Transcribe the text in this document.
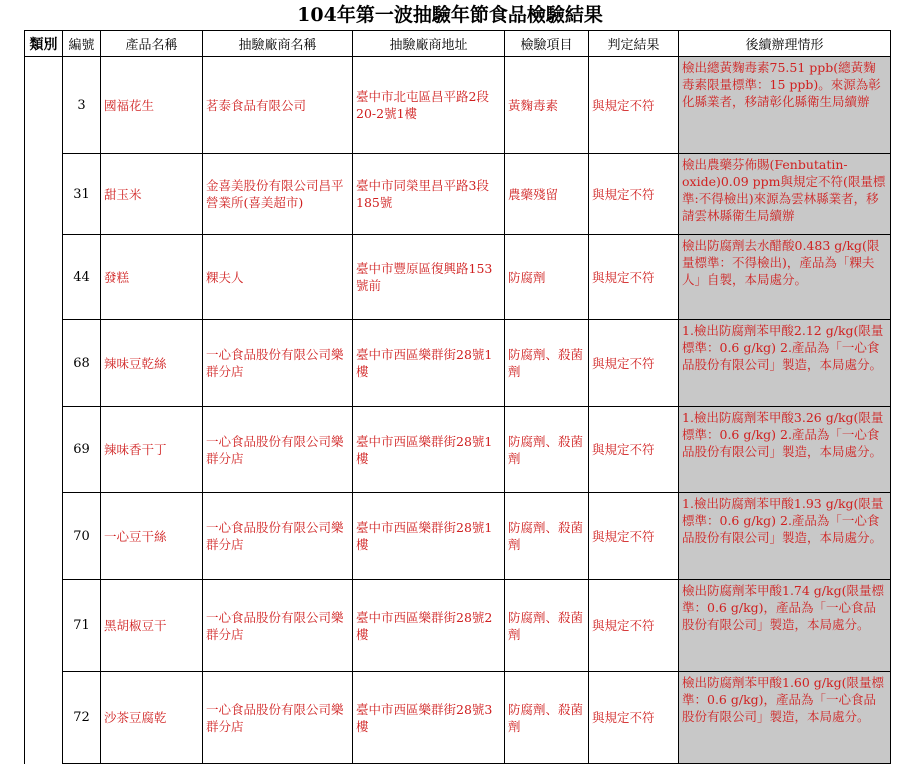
104年第一波抽驗年節食品檢驗結果
類別	編號	產品名稱	抽驗廠商名稱	抽驗廠商地址	檢驗項目	判定結果	後續辦理情形
	3	國福花生	茗泰食品有限公司	臺中市北屯區昌平路2段20-2號1樓	黃麴毒素	與規定不符	檢出總黃麴毒素75.51 ppb(總黃麴毒素限量標準：15 ppb)。來源為彰化縣業者，移請彰化縣衛生局續辦
	31	甜玉米	金喜美股份有限公司昌平營業所(喜美超市)	臺中市同榮里昌平路3段185號	農藥殘留	與規定不符	檢出農藥芬佈賜(Fenbutatin-oxide)0.09 ppm與規定不符(限量標準:不得檢出)來源為雲林縣業者，移請雲林縣衛生局續辦
	44	發糕	粿夫人	臺中市豐原區復興路153號前	防腐劑	與規定不符	檢出防腐劑去水醋酸0.483 g/kg(限量標準：不得檢出)，產品為「粿夫人」自製，本局處分。
	68	辣味豆乾絲	一心食品股份有限公司樂群分店	臺中市西區樂群街28號1樓	防腐劑、殺菌劑	與規定不符	1.檢出防腐劑苯甲酸2.12 g/kg(限量標準：0.6 g/kg) 2.產品為「一心食品股份有限公司」製造，本局處分。
	69	辣味香干丁	一心食品股份有限公司樂群分店	臺中市西區樂群街28號1樓	防腐劑、殺菌劑	與規定不符	1.檢出防腐劑苯甲酸3.26 g/kg(限量標準：0.6 g/kg) 2.產品為「一心食品股份有限公司」製造，本局處分。
	70	一心豆干絲	一心食品股份有限公司樂群分店	臺中市西區樂群街28號1樓	防腐劑、殺菌劑	與規定不符	1.檢出防腐劑苯甲酸1.93 g/kg(限量標準：0.6 g/kg) 2.產品為「一心食品股份有限公司」製造，本局處分。
	71	黑胡椒豆干	一心食品股份有限公司樂群分店	臺中市西區樂群街28號2樓	防腐劑、殺菌劑	與規定不符	檢出防腐劑苯甲酸1.74 g/kg(限量標準：0.6 g/kg)，產品為「一心食品股份有限公司」製造，本局處分。
	72	沙茶豆腐乾	一心食品股份有限公司樂群分店	臺中市西區樂群街28號3樓	防腐劑、殺菌劑	與規定不符	檢出防腐劑苯甲酸1.60 g/kg(限量標準：0.6 g/kg)，產品為「一心食品股份有限公司」製造，本局處分。
